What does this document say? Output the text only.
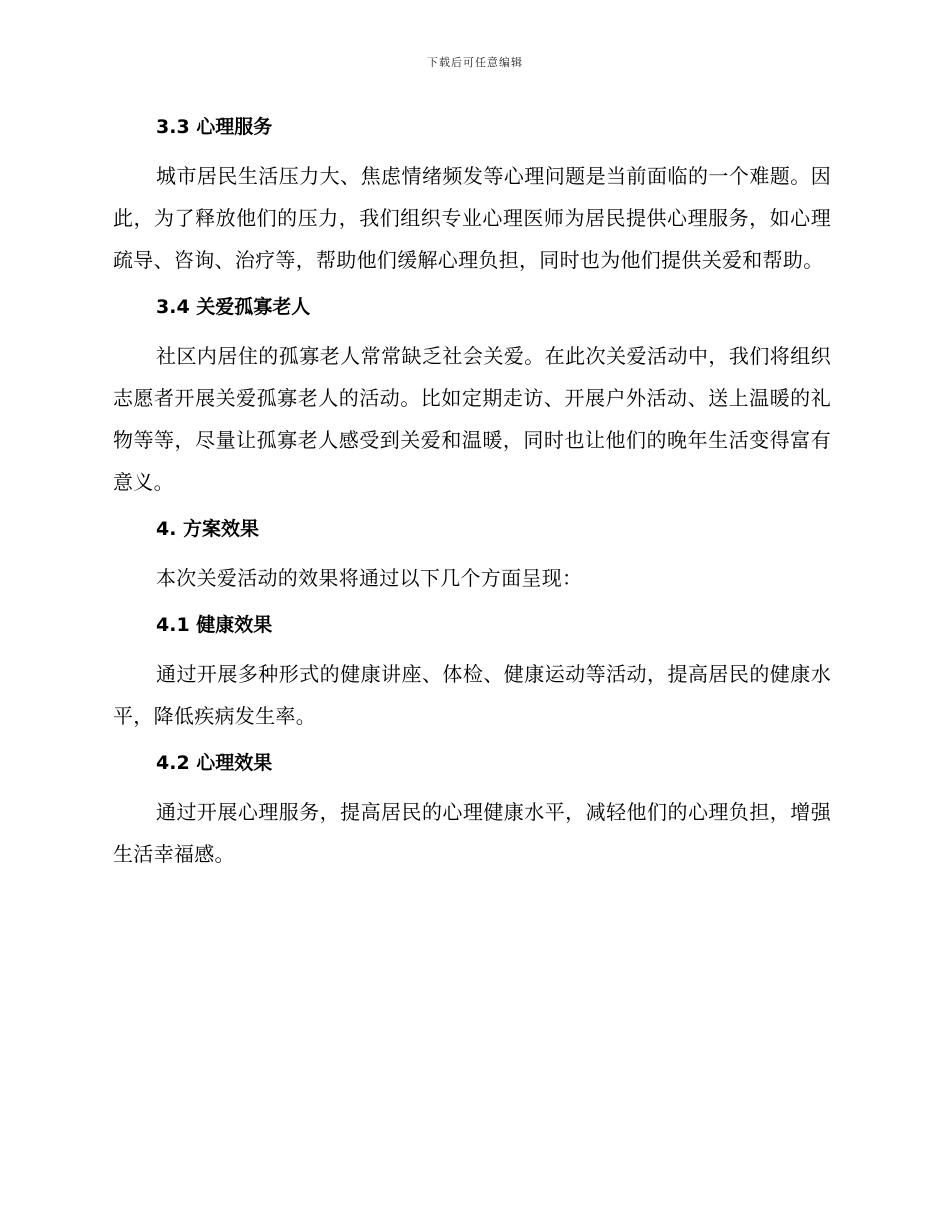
下载后可任意编辑
3.3 心理服务

城市居民生活压力大、焦虑情绪频发等心理问题是当前面临的一个难题。因此，为了释放他们的压力，我们组织专业心理医师为居民提供心理服务，如心理疏导、咨询、治疗等，帮助他们缓解心理负担，同时也为他们提供关爱和帮助。

3.4 关爱孤寡老人

社区内居住的孤寡老人常常缺乏社会关爱。在此次关爱活动中，我们将组织志愿者开展关爱孤寡老人的活动。比如定期走访、开展户外活动、送上温暖的礼物等等，尽量让孤寡老人感受到关爱和温暖，同时也让他们的晚年生活变得富有意义。

4. 方案效果

本次关爱活动的效果将通过以下几个方面呈现：

4.1 健康效果

通过开展多种形式的健康讲座、体检、健康运动等活动，提高居民的健康水平，降低疾病发生率。

4.2 心理效果

通过开展心理服务，提高居民的心理健康水平，减轻他们的心理负担，增强生活幸福感。
